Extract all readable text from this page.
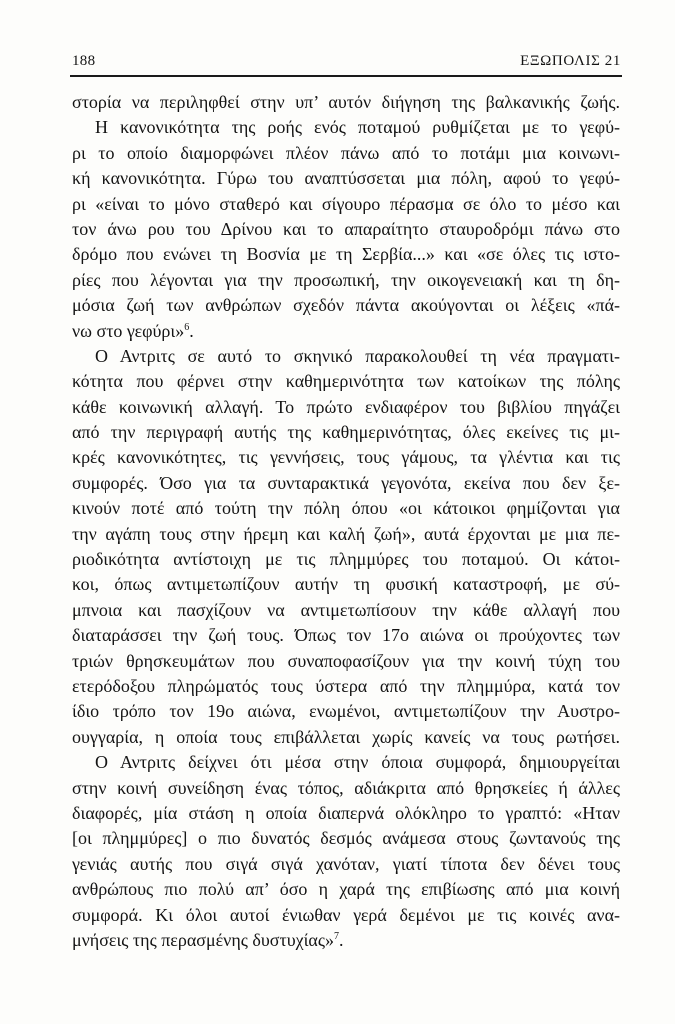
188	ΕΞΩΠΟΛΙΣ 21
στορία να περιληφθεί στην υπ’ αυτόν διήγηση της βαλκανικής ζωής.
Η κανονικότητα της ροής ενός ποταμού ρυθμίζεται με το γεφύ-
ρι το οποίο διαμορφώνει πλέον πάνω από το ποτάμι μια κοινωνι-
κή κανονικότητα. Γύρω του αναπτύσσεται μια πόλη, αφού το γεφύ-
ρι «είναι το μόνο σταθερό και σίγουρο πέρασμα σε όλο το μέσο και
τον άνω ρου του Δρίνου και το απαραίτητο σταυροδρόμι πάνω στο
δρόμο που ενώνει τη Βοσνία με τη Σερβία...» και «σε όλες τις ιστο-
ρίες που λέγονται για την προσωπική, την οικογενειακή και τη δη-
μόσια ζωή των ανθρώπων σχεδόν πάντα ακούγονται οι λέξεις «πά-
νω στο γεφύρι»$^6$.
Ο Αντριτς σε αυτό το σκηνικό παρακολουθεί τη νέα πραγματι-
κότητα που φέρνει στην καθημερινότητα των κατοίκων της πόλης
κάθε κοινωνική αλλαγή. Το πρώτο ενδιαφέρον του βιβλίου πηγάζει
από την περιγραφή αυτής της καθημερινότητας, όλες εκείνες τις μι-
κρές κανονικότητες, τις γεννήσεις, τους γάμους, τα γλέντια και τις
συμφορές. Όσο για τα συνταρακτικά γεγονότα, εκείνα που δεν ξε-
κινούν ποτέ από τούτη την πόλη όπου «οι κάτοικοι φημίζονται για
την αγάπη τους στην ήρεμη και καλή ζωή», αυτά έρχονται με μια πε-
ριοδικότητα αντίστοιχη με τις πλημμύρες του ποταμού. Οι κάτοι-
κοι, όπως αντιμετωπίζουν αυτήν τη φυσική καταστροφή, με σύ-
μπνοια και πασχίζουν να αντιμετωπίσουν την κάθε αλλαγή που
διαταράσσει την ζωή τους. Όπως τον 17ο αιώνα οι προύχοντες των
τριών θρησκευμάτων που συναποφασίζουν για την κοινή τύχη του
ετερόδοξου πληρώματός τους ύστερα από την πλημμύρα, κατά τον
ίδιο τρόπο τον 19ο αιώνα, ενωμένοι, αντιμετωπίζουν την Αυστρο-
ουγγαρία, η οποία τους επιβάλλεται χωρίς κανείς να τους ρωτήσει.
Ο Αντριτς δείχνει ότι μέσα στην όποια συμφορά, δημιουργείται
στην κοινή συνείδηση ένας τόπος, αδιάκριτα από θρησκείες ή άλλες
διαφορές, μία στάση η οποία διαπερνά ολόκληρο το γραπτό: «Ηταν
[οι πλημμύρες] ο πιο δυνατός δεσμός ανάμεσα στους ζωντανούς της
γενιάς αυτής που σιγά σιγά χανόταν, γιατί τίποτα δεν δένει τους
ανθρώπους πιο πολύ απ’ όσο η χαρά της επιβίωσης από μια κοινή
συμφορά. Κι όλοι αυτοί ένιωθαν γερά δεμένοι με τις κοινές ανα-
μνήσεις της περασμένης δυστυχίας»$^7$.
